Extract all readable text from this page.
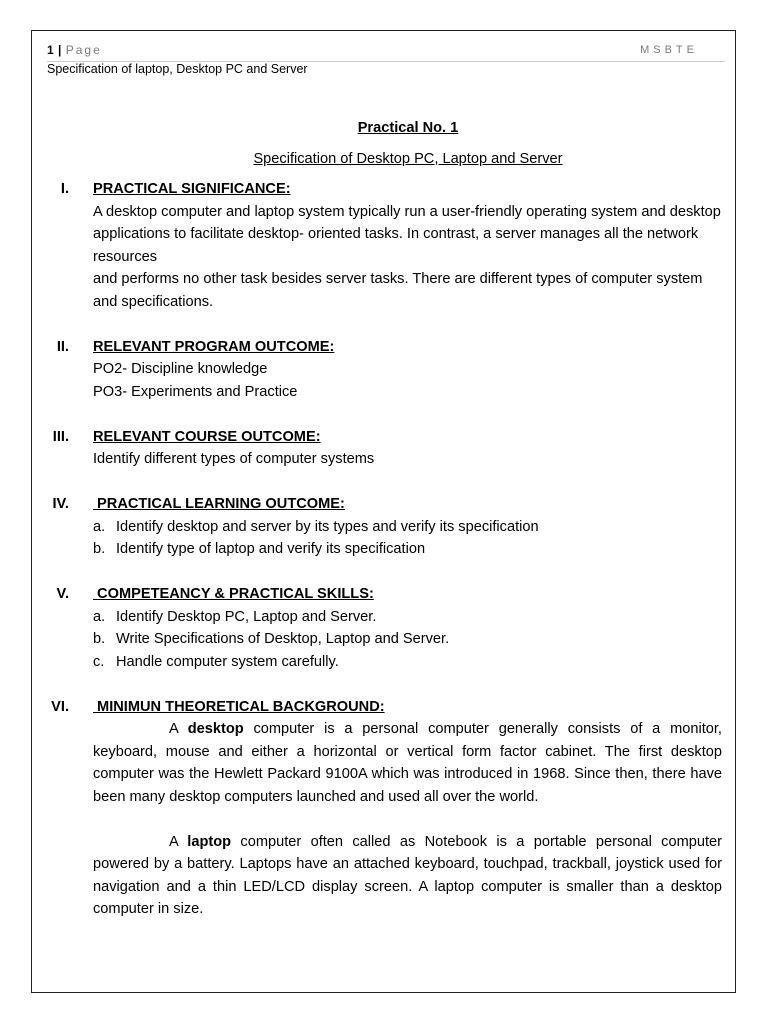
1 | Page	MSBTE
Specification of laptop, Desktop PC and Server
Practical No. 1
Specification of Desktop PC, Laptop and Server
I. PRACTICAL SIGNIFICANCE:
A desktop computer and laptop system typically run a user-friendly operating system and desktop
applications to facilitate desktop- oriented tasks. In contrast, a server manages all the network resources
and performs no other task besides server tasks. There are different types of computer system and specifications.
II. RELEVANT PROGRAM OUTCOME:
PO2- Discipline knowledge
PO3- Experiments and Practice
III. RELEVANT COURSE OUTCOME:
Identify different types of computer systems
IV. PRACTICAL LEARNING OUTCOME:
a. Identify desktop and server by its types and verify its specification
b. Identify type of laptop and verify its specification
V. COMPETEANCY & PRACTICAL SKILLS:
a. Identify Desktop PC, Laptop and Server.
b. Write Specifications of Desktop, Laptop and Server.
c. Handle computer system carefully.
VI. MINIMUN THEORETICAL BACKGROUND:
A desktop computer is a personal computer generally consists of a monitor, keyboard, mouse and either a horizontal or vertical form factor cabinet. The first desktop computer was the Hewlett Packard 9100A which was introduced in 1968. Since then, there have been many desktop computers launched and used all over the world.
A laptop computer often called as Notebook is a portable personal computer powered by a battery. Laptops have an attached keyboard, touchpad, trackball, joystick used for navigation and a thin LED/LCD display screen. A laptop computer is smaller than a desktop computer in size.
